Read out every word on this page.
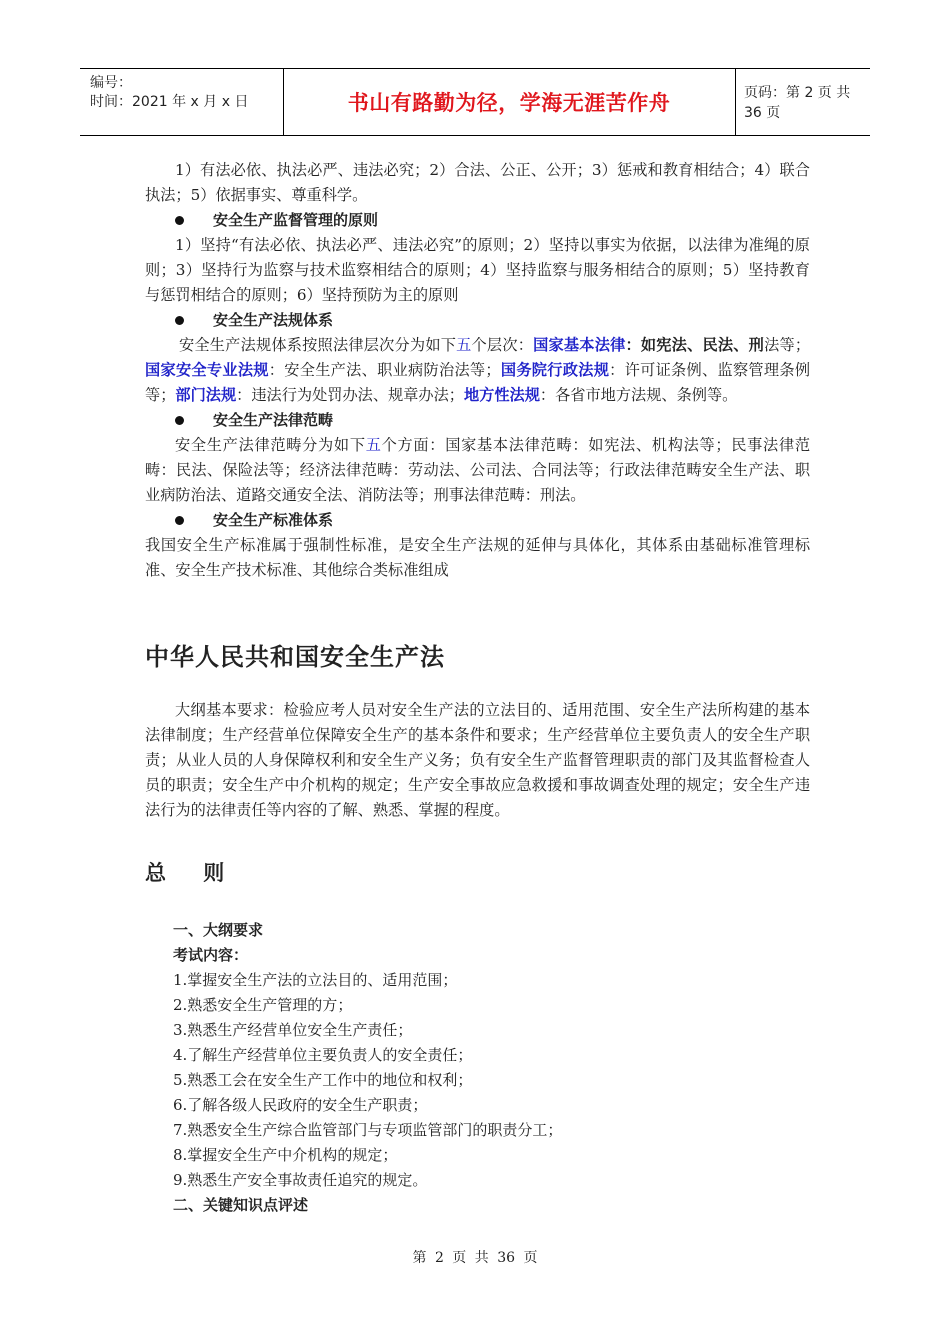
编号：
时间：2021 年 x 月 x 日	书山有路勤为径，学海无涯苦作舟	页码：第 2 页 共 36 页

1）有法必依、执法必严、违法必究；2）合法、公正、公开；3）惩戒和教育相结合；4）联合执法；5）依据事实、尊重科学。

安全生产监督管理的原则

1）坚持“有法必依、执法必严、违法必究”的原则；2）坚持以事实为依据，以法律为准绳的原则；3）坚持行为监察与技术监察相结合的原则；4）坚持监察与服务相结合的原则；5）坚持教育与惩罚相结合的原则；6）坚持预防为主的原则

安全生产法规体系

安全生产法规体系按照法律层次分为如下五个层次：国家基本法律：如宪法、民法、刑法等；国家安全专业法规：安全生产法、职业病防治法等；国务院行政法规：许可证条例、监察管理条例等；部门法规：违法行为处罚办法、规章办法；地方性法规：各省市地方法规、条例等。

安全生产法律范畴

安全生产法律范畴分为如下五个方面：国家基本法律范畴：如宪法、机构法等；民事法律范畴：民法、保险法等；经济法律范畴：劳动法、公司法、合同法等；行政法律范畴安全生产法、职业病防治法、道路交通安全法、消防法等；刑事法律范畴：刑法。

安全生产标准体系

我国安全生产标准属于强制性标准，是安全生产法规的延伸与具体化，其体系由基础标准管理标准、安全生产技术标准、其他综合类标准组成

中华人民共和国安全生产法

大纲基本要求：检验应考人员对安全生产法的立法目的、适用范围、安全生产法所构建的基本法律制度；生产经营单位保障安全生产的基本条件和要求；生产经营单位主要负责人的安全生产职责；从业人员的人身保障权利和安全生产义务；负有安全生产监督管理职责的部门及其监督检查人员的职责；安全生产中介机构的规定；生产安全事故应急救援和事故调查处理的规定；安全生产违法行为的法律责任等内容的了解、熟悉、掌握的程度。

总 则
一、大纲要求
考试内容：
1.掌握安全生产法的立法目的、适用范围；
2.熟悉安全生产管理的方；
3.熟悉生产经营单位安全生产责任；
4.了解生产经营单位主要负责人的安全责任；
5.熟悉工会在安全生产工作中的地位和权利；
6.了解各级人民政府的安全生产职责；
7.熟悉安全生产综合监管部门与专项监管部门的职责分工；
8.掌握安全生产中介机构的规定；
9.熟悉生产安全事故责任追究的规定。
二、关键知识点评述
第 2 页 共 36 页
